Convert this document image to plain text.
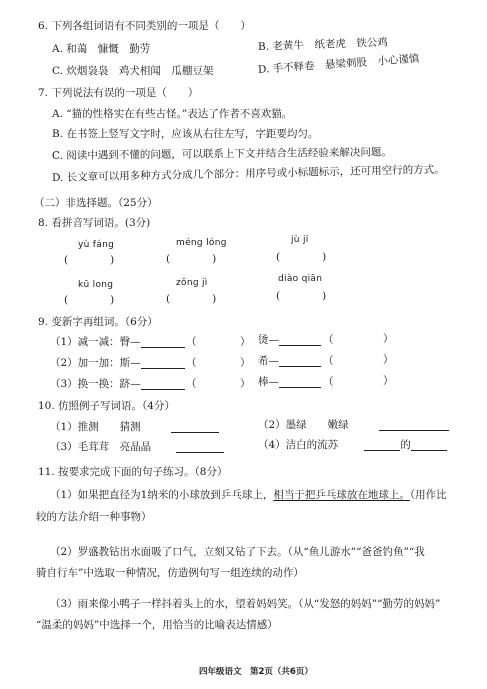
6. 下列各组词语有不同类别的一项是（　　）
A. 和蔼　慷慨　勤劳	B. 老黄牛　纸老虎　铁公鸡
C. 炊烟袅袅　鸡犬相闻　瓜棚豆架	D. 手不释卷　悬梁刺股　小心谨慎
7. 下列说法有误的一项是（　　）
A. “猫的性格实在有些古怪。”表达了作者不喜欢猫。
B. 在书签上竖写文字时，应该从右往左写，字距要均匀。
C. 阅读中遇到不懂的问题，可以联系上下文并结合生活经验来解决问题。
D. 长文章可以用多种方式分成几个部分：用序号或小标题标示，还可用空行的方式。
（二）非选择题。（25分）
8. 看拼音写词语。(3分)
yù fáng	méng lóng	jù jí
(　　　　)	(　　　　)	(　　　　)
kū long	zǒng jì	diào qiān
(　　　　)	(　　　　)	(　　　　)
9. 变新字再组词。（6分）
（1）减一减：臀—	（	） 烫—	（	）
（2）加一加：斯—	（	） 希—	（	）
（3）换一换：跻—	（	） 棒—	（	）
10. 仿照例子写词语。（4分）
（1）推测　　猜测	（2）墨绿　　嫩绿
（3）毛茸茸　亮晶晶	（4）洁白的流苏	的
11. 按要求完成下面的句子练习。（8分）
（1）如果把直径为1纳米的小球放到乒乓球上，相当于把乒乓球放在地球上。（用作比
较的方法介绍一种事物）
（2）罗盛教钻出水面吸了口气，立刻又钻了下去。（从“鱼儿游水”“爸爸钓鱼”“我
骑自行车”中选取一种情况，仿造例句写一组连续的动作）
（3）雨来像小鸭子一样抖着头上的水，望着妈妈笑。（从“发怒的妈妈”“勤劳的妈妈”
“温柔的妈妈”中选择一个，用恰当的比喻表达情感）
四年级语文　第2页（共6页）
